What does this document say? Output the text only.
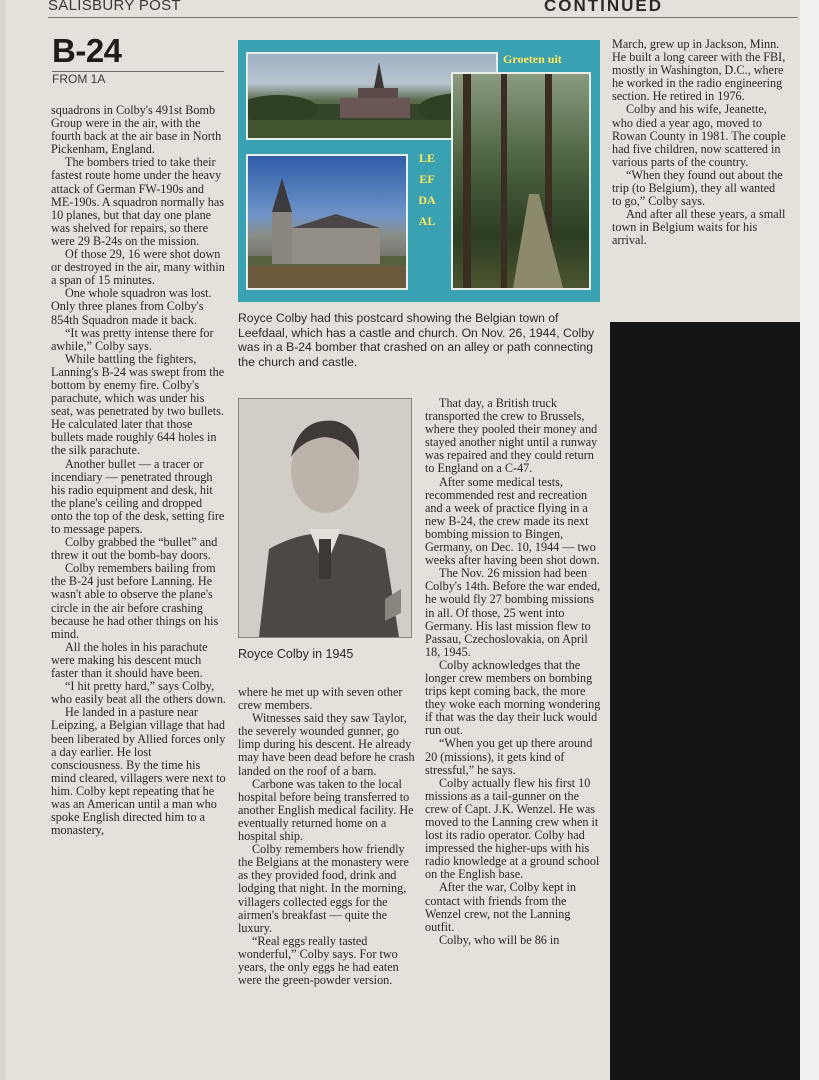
SALISBURY POST	CONTINUED
B-24
FROM 1A

squadrons in Colby's 491st Bomb Group were in the air, with the fourth back at the air base in North Pickenham, England.

The bombers tried to take their fastest route home under the heavy attack of German FW-190s and ME-190s. A squadron normally has 10 planes, but that day one plane was shelved for repairs, so there were 29 B-24s on the mission.

Of those 29, 16 were shot down or destroyed in the air, many within a span of 15 minutes.

One whole squadron was lost. Only three planes from Colby's 854th Squadron made it back.

“It was pretty intense there for awhile,” Colby says.

While battling the fighters, Lanning's B-24 was swept from the bottom by enemy fire. Colby's parachute, which was under his seat, was penetrated by two bullets. He calculated later that those bullets made roughly 644 holes in the silk parachute.

Another bullet — a tracer or incendiary — penetrated through his radio equipment and desk, hit the plane's ceiling and dropped onto the top of the desk, setting fire to message papers.

Colby grabbed the “bullet” and threw it out the bomb-bay doors.

Colby remembers bailing from the B-24 just before Lanning. He wasn't able to observe the plane's circle in the air before crashing because he had other things on his mind.

All the holes in his parachute were making his descent much faster than it should have been.

“I hit pretty hard,” says Colby, who easily beat all the others down.

He landed in a pasture near Leipzing, a Belgian village that had been liberated by Allied forces only a day earlier. He lost consciousness. By the time his mind cleared, villagers were next to him. Colby kept repeating that he was an American until a man who spoke English directed him to a monastery,

Groeten uit
LEEFDAAL
Royce Colby had this postcard showing the Belgian town of Leefdaal, which has a castle and church. On Nov. 26, 1944, Colby was in a B-24 bomber that crashed on an alley or path connecting the church and castle.
Royce Colby in 1945

where he met up with seven other crew members.

Witnesses said they saw Taylor, the severely wounded gunner, go limp during his descent. He already may have been dead before he crash landed on the roof of a barn.

Carbone was taken to the local hospital before being transferred to another English medical facility. He eventually returned home on a hospital ship.

Colby remembers how friendly the Belgians at the monastery were as they provided food, drink and lodging that night. In the morning, villagers collected eggs for the airmen's breakfast — quite the luxury.

“Real eggs really tasted wonderful,” Colby says. For two years, the only eggs he had eaten were the green-powder version.

That day, a British truck transported the crew to Brussels, where they pooled their money and stayed another night until a runway was repaired and they could return to England on a C-47.

After some medical tests, recommended rest and recreation and a week of practice flying in a new B-24, the crew made its next bombing mission to Bingen, Germany, on Dec. 10, 1944 — two weeks after having been shot down.

The Nov. 26 mission had been Colby's 14th. Before the war ended, he would fly 27 bombing missions in all. Of those, 25 went into Germany. His last mission flew to Passau, Czechoslovakia, on April 18, 1945.

Colby acknowledges that the longer crew members on bombing trips kept coming back, the more they woke each morning wondering if that was the day their luck would run out.

“When you get up there around 20 (missions), it gets kind of stressful,” he says.

Colby actually flew his first 10 missions as a tail-gunner on the crew of Capt. J.K. Wenzel. He was moved to the Lanning crew when it lost its radio operator. Colby had impressed the higher-ups with his radio knowledge at a ground school on the English base.

After the war, Colby kept in contact with friends from the Wenzel crew, not the Lanning outfit.

Colby, who will be 86 in

March, grew up in Jackson, Minn. He built a long career with the FBI, mostly in Washington, D.C., where he worked in the radio engineering section. He retired in 1976.

Colby and his wife, Jeanette, who died a year ago, moved to Rowan County in 1981. The couple had five children, now scattered in various parts of the country.

“When they found out about the trip (to Belgium), they all wanted to go,” Colby says.

And after all these years, a small town in Belgium waits for his arrival.
